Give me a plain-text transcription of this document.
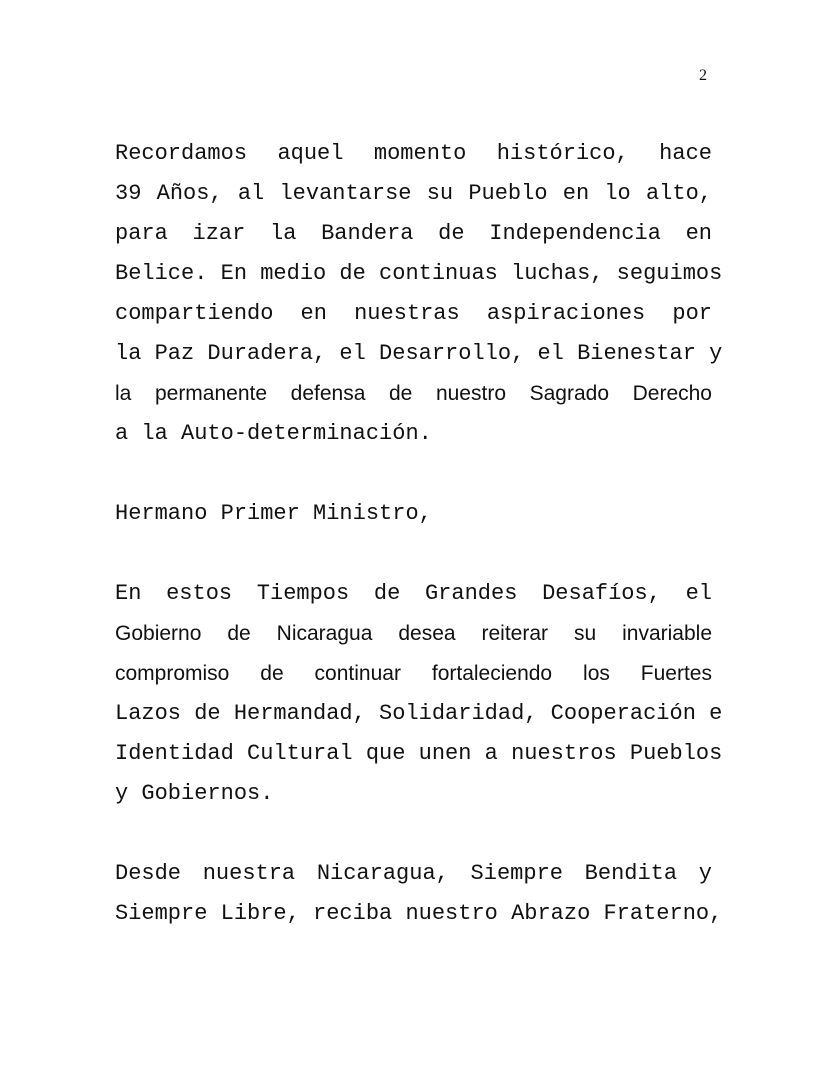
2

Recordamos aquel momento histórico, hace
39 Años, al levantarse su Pueblo en lo alto,
para izar la Bandera de Independencia en
Belice. En medio de continuas luchas, seguimos
compartiendo en nuestras aspiraciones por
la Paz Duradera, el Desarrollo, el Bienestar y
la permanente defensa de nuestro Sagrado Derecho
a la Auto-determinación.

Hermano Primer Ministro,

En estos Tiempos de Grandes Desafíos, el
Gobierno de Nicaragua desea reiterar su invariable
compromiso de continuar fortaleciendo los Fuertes
Lazos de Hermandad, Solidaridad, Cooperación e
Identidad Cultural que unen a nuestros Pueblos
y Gobiernos.

Desde nuestra Nicaragua, Siempre Bendita y
Siempre Libre, reciba nuestro Abrazo Fraterno,
